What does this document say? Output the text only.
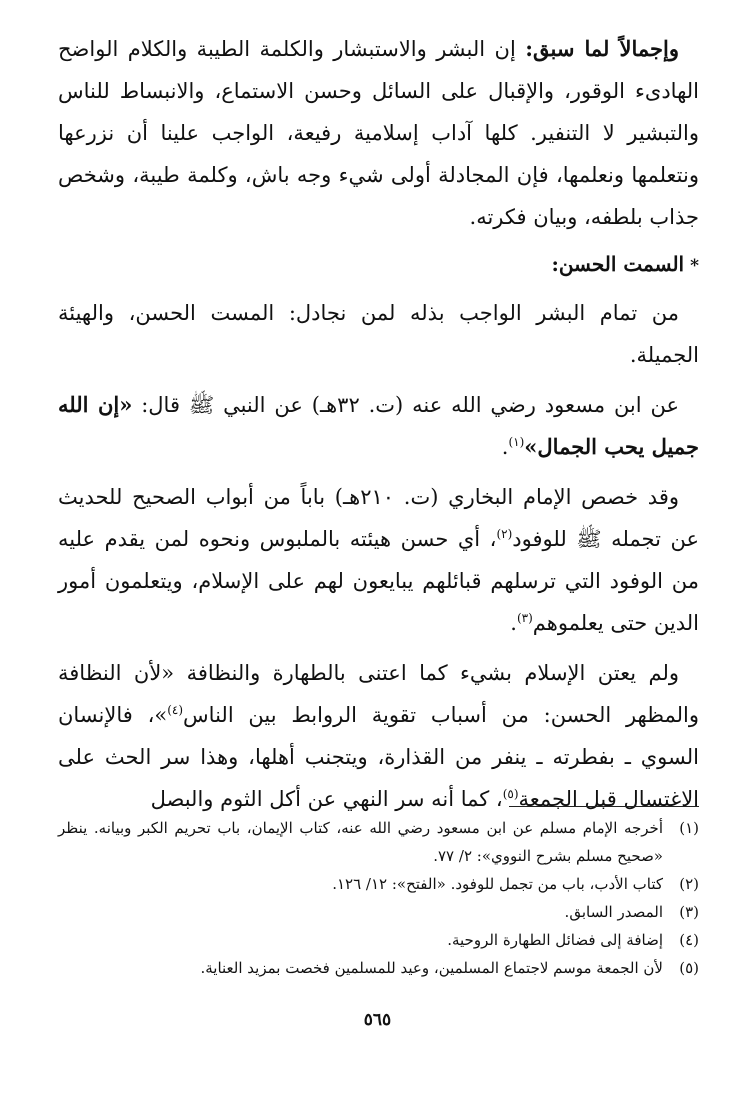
وإجمالاً لما سبق: إن البشر والاستبشار والكلمة الطيبة والكلام الواضح الهادىء الوقور، والإقبال على السائل وحسن الاستماع، والانبساط للناس والتبشير لا التنفير. كلها آداب إسلامية رفيعة، الواجب علينا أن نزرعها ونتعلمها ونعلمها، فإن المجادلة أولى شيء وجه باش، وكلمة طيبة، وشخص جذاب بلطفه، وبيان فكرته.

*السمت الحسن:

من تمام البشر الواجب بذله لمن نجادل: المست الحسن، والهيئة الجميلة.

عن ابن مسعود رضي الله عنه (ت. ٣٢هـ) عن النبي ﷺ قال: «إن الله جميل يحب الجمال»$^{(١)}$.

وقد خصص الإمام البخاري (ت. ٢١٠هـ) باباً من أبواب الصحيح للحديث عن تجمله ﷺ للوفود$^{(٢)}$، أي حسن هيئته بالملبوس ونحوه لمن يقدم عليه من الوفود التي ترسلهم قبائلهم يبايعون لهم على الإسلام، ويتعلمون أمور الدين حتى يعلموهم$^{(٣)}$.

ولم يعتن الإسلام بشيء كما اعتنى بالطهارة والنظافة «لأن النظافة والمظهر الحسن: من أسباب تقوية الروابط بين الناس$^{(٤)}$»، فالإنسان السوي ـ بفطرته ـ ينفر من القذارة، ويتجنب أهلها، وهذا سر الحث على الاغتسال قبل الجمعة$^{(٥)}$، كما أنه سر النهي عن أكل الثوم والبصل

(١)
أخرجه الإمام مسلم عن ابن مسعود رضي الله عنه، كتاب الإيمان، باب تحريم الكبر وبيانه. ينظر «صحيح مسلم بشرح النووي»: ٢/ ٧٧.
(٢)
كتاب الأدب، باب من تجمل للوفود. «الفتح»: ١٢/ ١٢٦.
(٣)
المصدر السابق.
(٤)
إضافة إلى فضائل الطهارة الروحية.
(٥)
لأن الجمعة موسم لاجتماع المسلمين، وعيد للمسلمين فخصت بمزيد العناية.
٥٦٥
